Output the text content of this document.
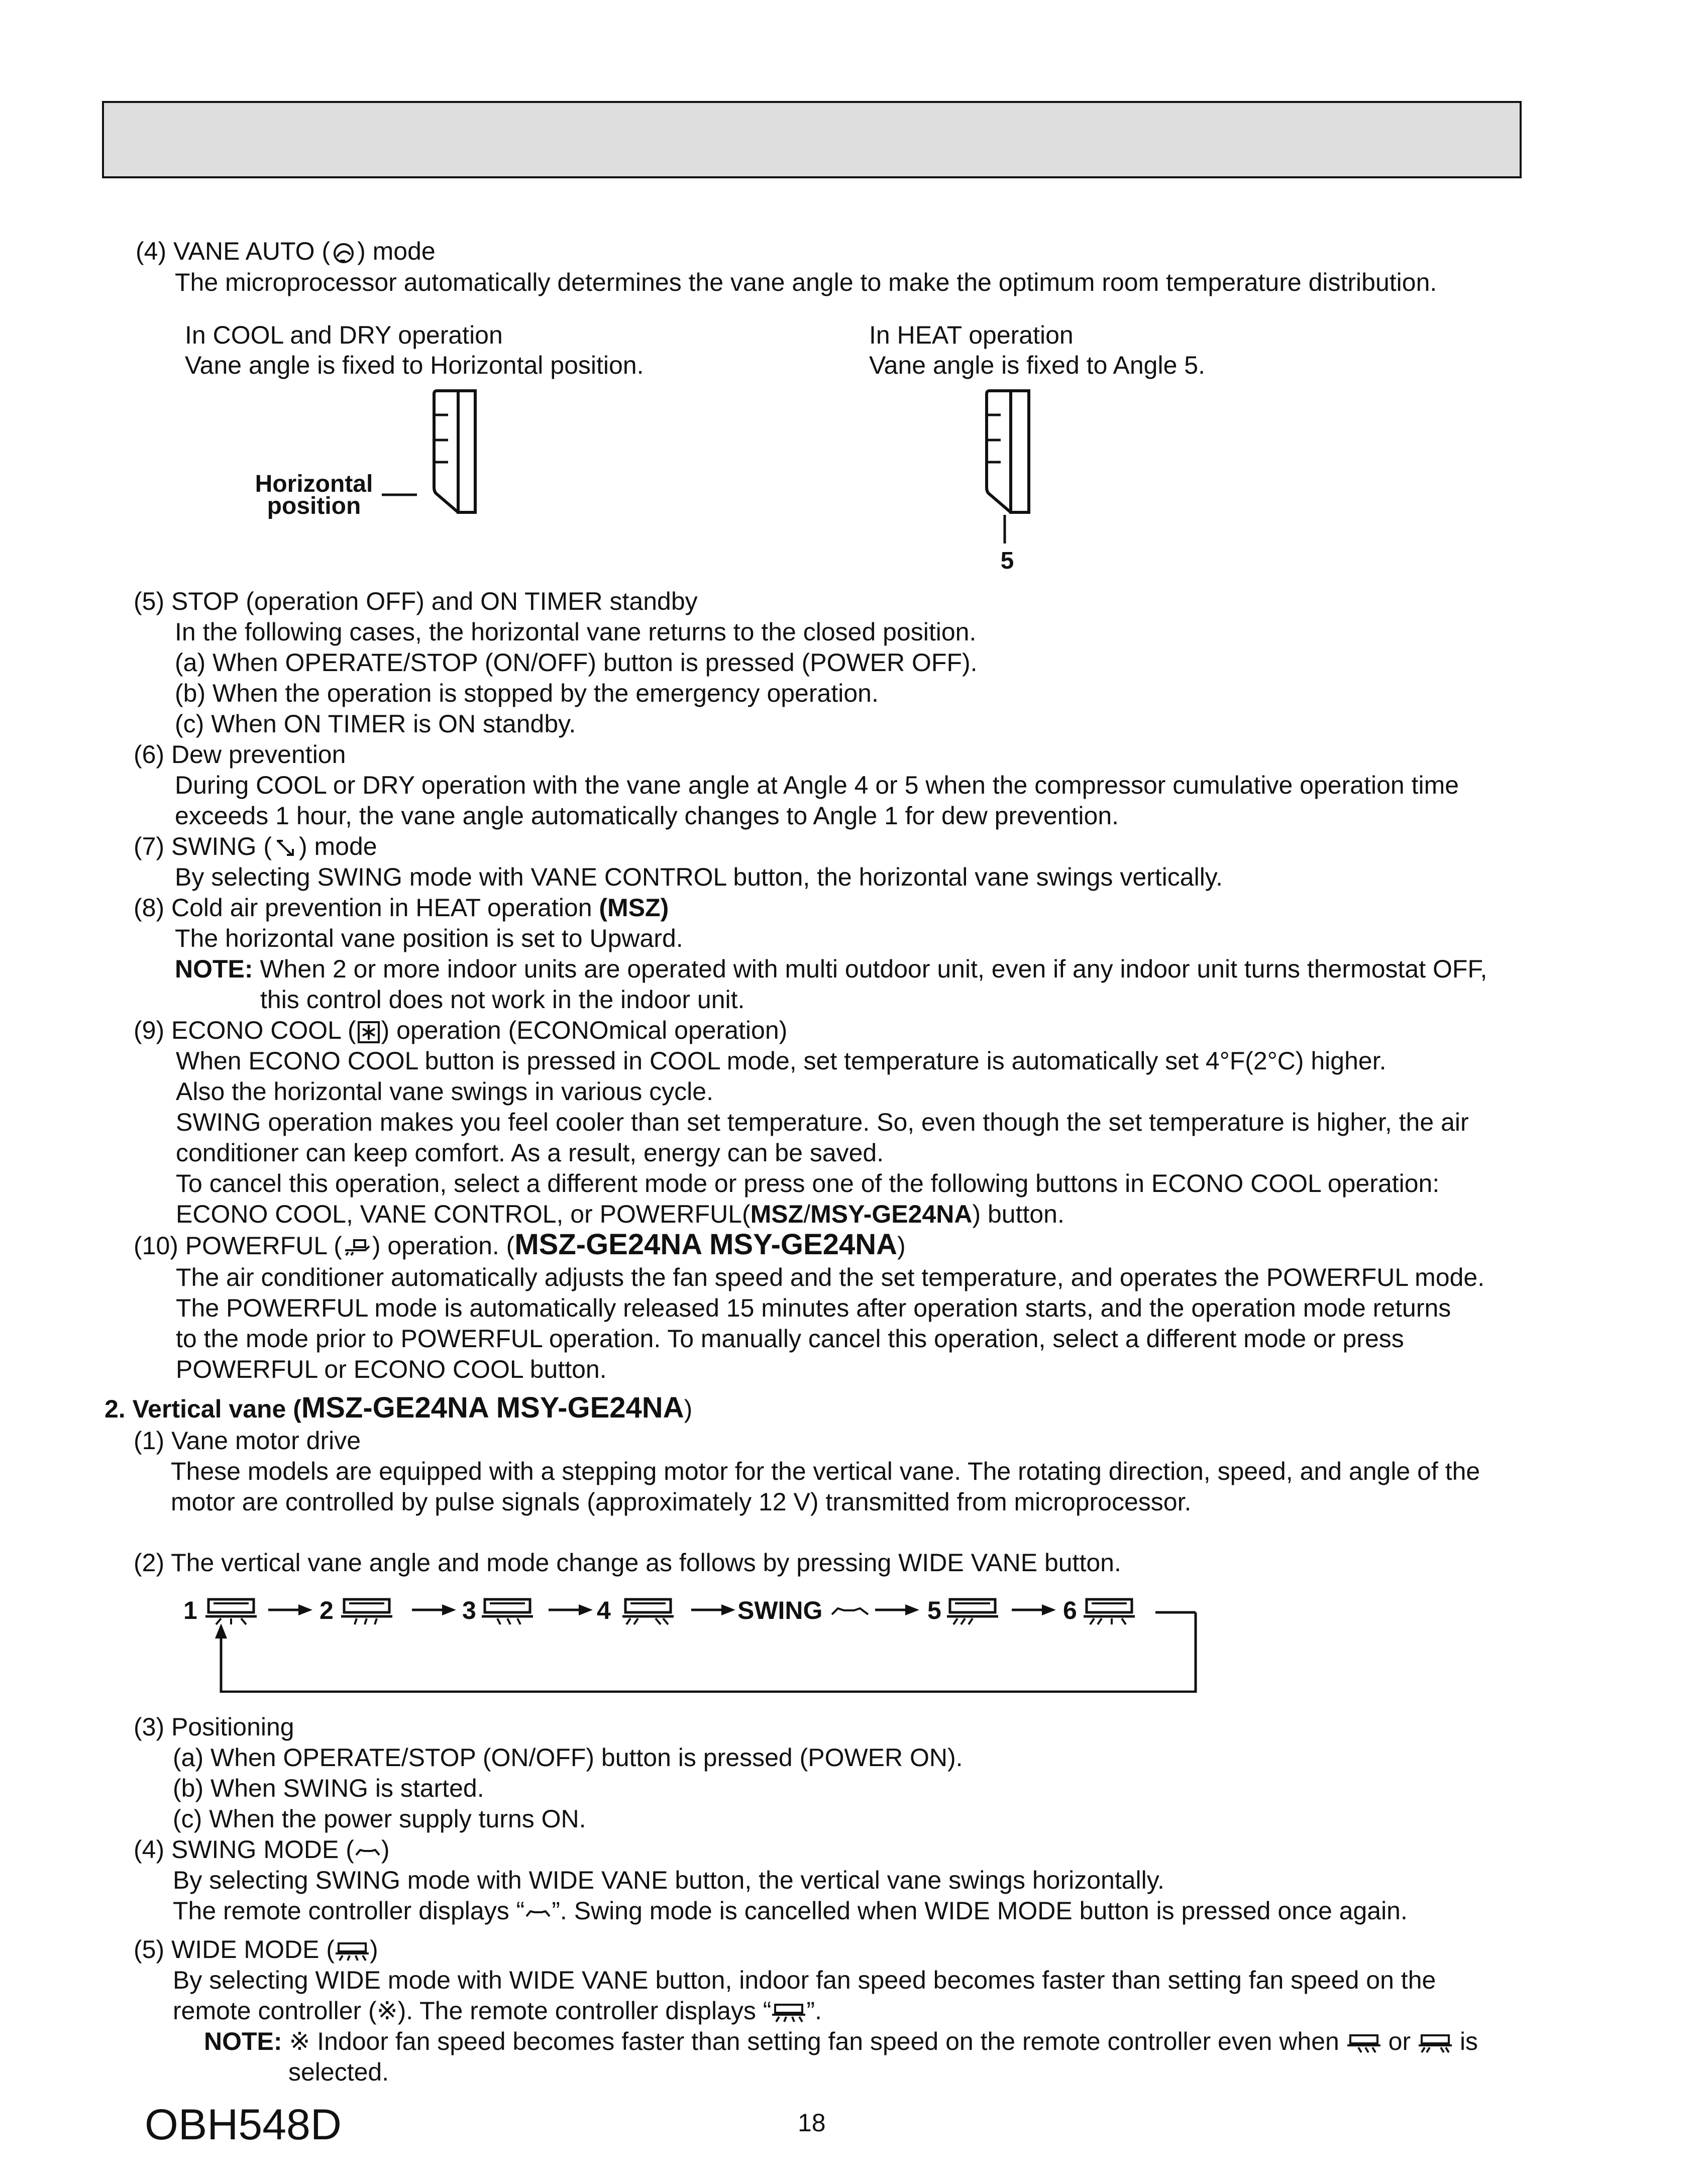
(4) VANE AUTO ( ) mode
The microprocessor automatically determines the vane angle to make the optimum room temperature distribution.
In COOL and DRY operation
Vane angle is fixed to Horizontal position.
In HEAT operation
Vane angle is fixed to Angle 5.
Horizontal
position
5
(5) STOP (operation OFF) and ON TIMER standby
In the following cases, the horizontal vane returns to the closed position.
(a) When OPERATE/STOP (ON/OFF) button is pressed (POWER OFF).
(b) When the operation is stopped by the emergency operation.
(c) When ON TIMER is ON standby.
(6) Dew prevention
During COOL or DRY operation with the vane angle at Angle 4 or 5 when the compressor cumulative operation time
exceeds 1 hour, the vane angle automatically changes to Angle 1 for dew prevention.
(7) SWING ( ) mode
By selecting SWING mode with VANE CONTROL button, the horizontal vane swings vertically.
(8) Cold air prevention in HEAT operation (MSZ)
The horizontal vane position is set to Upward.
NOTE: When 2 or more indoor units are operated with multi outdoor unit, even if any indoor unit turns thermostat OFF,
this control does not work in the indoor unit.
(9) ECONO COOL ( ) operation (ECONOmical operation)
When ECONO COOL button is pressed in COOL mode, set temperature is automatically set 4°F(2°C) higher.
Also the horizontal vane swings in various cycle.
SWING operation makes you feel cooler than set temperature. So, even though the set temperature is higher, the air
conditioner can keep comfort. As a result, energy can be saved.
To cancel this operation, select a different mode or press one of the following buttons in ECONO COOL operation:
ECONO COOL, VANE CONTROL, or POWERFUL(MSZ/MSY-GE24NA) button.
(10) POWERFUL ( ) operation. (MSZ-GE24NA MSY-GE24NA)
The air conditioner automatically adjusts the fan speed and the set temperature, and operates the POWERFUL mode.
The POWERFUL mode is automatically released 15 minutes after operation starts, and the operation mode returns
to the mode prior to POWERFUL operation. To manually cancel this operation, select a different mode or press
POWERFUL or ECONO COOL button.
2. Vertical vane (MSZ-GE24NA MSY-GE24NA)
(1) Vane motor drive
These models are equipped with a stepping motor for the vertical vane. The rotating direction, speed, and angle of the
motor are controlled by pulse signals (approximately 12 V) transmitted from microprocessor.
(2) The vertical vane angle and mode change as follows by pressing WIDE VANE button.
1	2	3	4	SWING	5	6
(3) Positioning
(a) When OPERATE/STOP (ON/OFF) button is pressed (POWER ON).
(b) When SWING is started.
(c) When the power supply turns ON.
(4) SWING MODE ( )
By selecting SWING mode with WIDE VANE button, the vertical vane swings horizontally.
The remote controller displays “ ”. Swing mode is cancelled when WIDE MODE button is pressed once again.
(5) WIDE MODE ( )
By selecting WIDE mode with WIDE VANE button, indoor fan speed becomes faster than setting fan speed on the
remote controller (※). The remote controller displays “ ”.
NOTE: ※ Indoor fan speed becomes faster than setting fan speed on the remote controller even when or is
selected.
OBH548D	18
